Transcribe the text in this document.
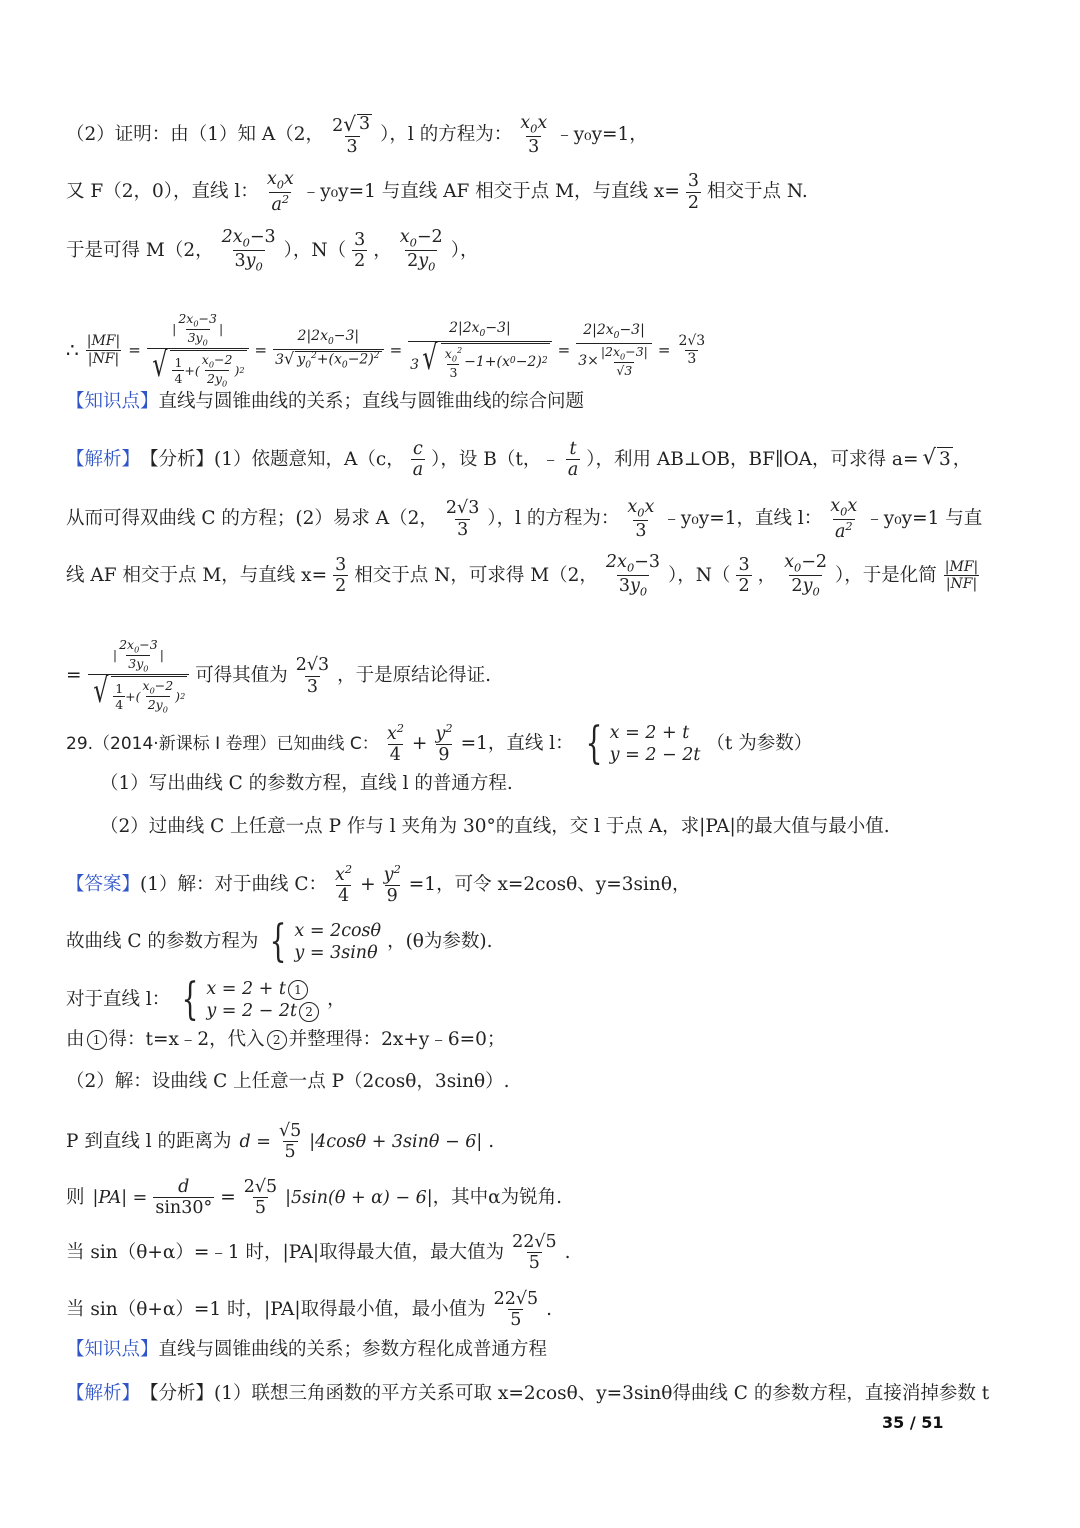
（2）证明：由（1）知 A（2， $\frac{2 √ 3}{3}$ ），l 的方程为： $\frac{x_0x}{3}$ ﹣y₀y=1，
又 F（2，0），直线 l： $\frac{x_0x}{a^2}$ ﹣y₀y=1 与直线 AF 相交于点 M，与直线 $x= \frac{3}{2}$ 相交于点 N.
于是可得 M（2， $\frac{2x_0-3}{3y_0}$ ），$N( \frac{3}{2}$ ， $\frac{x_0-2}{2y_0}$ ），
∴ $\frac{|MF|}{|NF|} = \frac{| \frac{2x_0-3}{3y_0} |}{√ \frac{1}{4} +( \frac{x_0-2}{2y_0} ) 2} = \frac{2|2x_0-3|}{3 √ y_0^2+(x_0-2)^2} = \frac{2|2x_0-3|}{3 √ \frac{x_0^2}{3} -1+(x 0 -2) 2} = \frac{2|2x_0-3|}{3\times \frac{|2x_0-3|}{√3}} = \frac{2√3}{3}$
【知识点】 直线与圆锥曲线的关系；直线与圆锥曲线的综合问题
【解析】 【分析】(1）依题意知，A（c， $\frac{c}{a}$ ），设 B（t，﹣ $\frac{t}{a}$ ），利用 AB⊥OB，BF∥OA，可求得 a= √ 3 ，
从而可得双曲线 C 的方程；(2）易求 A（2， $\frac{2√3}{3}$ ），l 的方程为： $\frac{x_0x}{3}$ ﹣y₀y=1，直线 l： $\frac{x_0x}{a^2}$ ﹣y₀y=1 与直
线 AF 相交于点 M，与直线 $x= \frac{3}{2}$ 相交于点 N，可求得 M（2， $\frac{2x_0-3}{3y_0}$ ），$N( \frac{3}{2}$ ， $\frac{x_0-2}{2y_0}$ ），于是化简 $\frac{|MF|}{|NF|}$
= $\frac{| \frac{2x_0-3}{3y_0} |}{√ \frac{1}{4} +( \frac{x_0-2}{2y_0} ) 2}$ 可得其值为 $\frac{2√3}{3}$ ，于是原结论得证.
29.（2014·新课标 I 卷理）已知曲线 C： $\frac{x^2}{4} + \frac{y^2}{9} =1$，直线 l： { x = 2 + t
y = 2 − 2t
（t 为参数）
（1）写出曲线 C 的参数方程，直线 l 的普通方程.
（2）过曲线 C 上任意一点 P 作与 l 夹角为 30°的直线，交 l 于点 A，求|PA|的最大值与最小值.
【答案】 (1）解：对于曲线 C： $\frac{x^2}{4} + \frac{y^2}{9} =1$，可令 x=2cosθ、y=3sinθ，
故曲线 C 的参数方程为 { x = 2cosθ
y = 3sinθ
，(θ为参数).
对于直线 l： { x = 2 + t 1
y = 2 − 2t 2
，
由 1 得：t=x﹣2，代入 2 并整理得：2x+y﹣6=0；
（2）解：设曲线 C 上任意一点 P（2cosθ，3sinθ）.
P 到直线 l 的距离为 $d = \frac{√5}{5} |4\cos\theta + 3\sin\theta - 6|$ .
则 $|PA| = \frac{d}{\sin 30^\circ} = \frac{2√5}{5} |5\sin(\theta + \alpha) - 6|$ ，其中α为锐角.
当 sin（θ+α）=﹣1 时，|PA|取得最大值，最大值为 $\frac{22√5}{5}$ .
当 sin（θ+α）=1 时，|PA|取得最小值，最小值为 $\frac{22√5}{5}$ .
【知识点】 直线与圆锥曲线的关系；参数方程化成普通方程
【解析】 【分析】(1）联想三角函数的平方关系可取 x=2cosθ、y=3sinθ得曲线 C 的参数方程，直接消掉参数 t
35 / 51
